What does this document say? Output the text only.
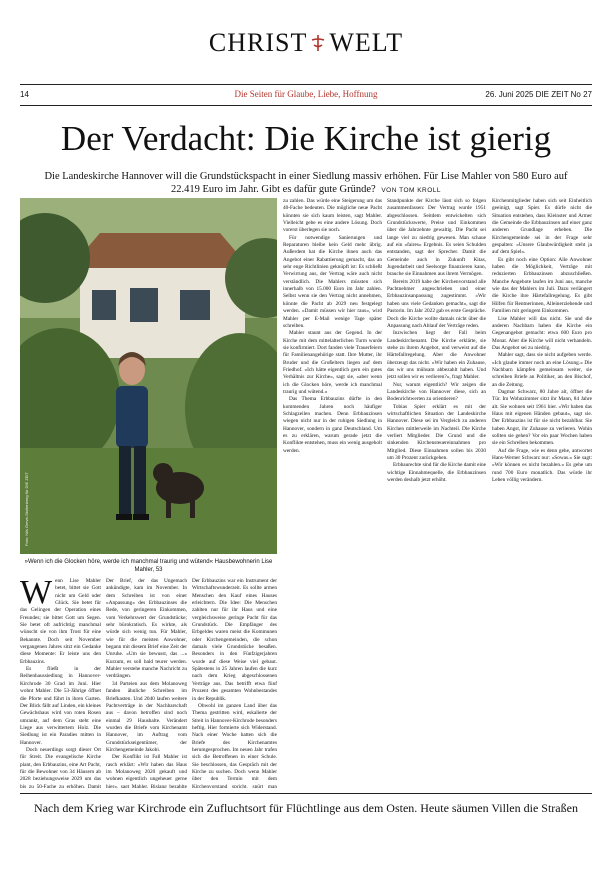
CHRIST WELT
14	Die Seiten für Glaube, Liebe, Hoffnung	26. Juni 2025 DIE ZEIT No 27
Der Verdacht: Die Kirche ist gierig
Die Landeskirche Hannover will die Grundstückspacht in einer Siedlung massiv erhöhen. Für Lise Mahler von 580 Euro auf 22.419 Euro im Jahr. Gibt es dafür gute Gründe? VON TOM KROLL
Foto: Nils Greve-Stoltenberg für DIE ZEIT
»Wenn ich die Glocken höre, werde ich manchmal traurig und wütend« Hausbewohnerin Lise Mahler, 53
W enn Lise Mahler betet, bittet sie Gott nicht um Geld oder Glück. Sie betet für das Gelingen der Operation eines Freundes; sie bittet Gott um Segen. Sie betet oft aufrichtig; manchmal wünscht sie von ihm Trost für eine Bekannte. Doch seit November vergangenen Jahres sitzt ein Gedanke diese Momente: Er leiste uns den Erbbauzins.

Es fließt in der Reihenhaussiedlung in Hannover-Kirchrode 30 Grad im Juni. Hier wohnt Mahler. Die 53-Jährige öffnet die Pforte und führt in ihren Garten. Der Blick fällt auf Linden, ein kleines Gewächshaus wird von roten Rosen umrankt, auf dem Gras steht eine Liege aus verwittertem Holz. Die Siedlung ist ein Paradies mitten in Hannover.

Doch neuerdings sorgt dieser Ort für Streit. Die evangelische Kirche plant, den Erbbauzins, eine Art Pacht, für die Bewohner von 34 Häusern ab 2028 beziehungsweise 2029 um das bis zu 50-Fache zu erhöhen. Damit

Der Brief, der das Ungemach ankündigte, kam im November. In dem Schreiben ist von einer »Anpassung« des Erbbauzinses die Rede, von geringeren Einkommen, vom Verkehrswert der Grundstücke; sehr bürokratisch. Es wirkte, als würde sich wenig tun. Für Mahler, wie für die meisten Anwohner, begann mit diesem Brief eine Zeit der Unruhe. »Um sie bewusst, das ...« Kurzum, es soll bald teurer werden. Mahler verstehe manche Nachricht zu verdrängen.

34 Parteien aus dem Molanoweg fanden ähnliche Schreiben im Briefkasten. Und 2040 laufen weitere Pachtverträge in der Nachbarschaft aus – davon betroffen sind noch einmal 29 Haushalte. Verändert wurden die Briefe vom Kirchenamt Hannover, im Auftrag vom Grundstückseigentümer, der Kirchengemeinde Jakobi.

Der Konflikt ist Fall Mahler ist rasch erklärt: »Wir haben das Haus im Molanoweg 2020 gekauft und wohnen eigentlich ungeheuer gerne hier«, sagt Mahler. Bislang bezahlte

zu zahlen. Das würde eine Steigerung um das 40-Fache bedeuten. Die mögliche neue Pacht könnten sie sich kaum leisten, sagt Mahler. Vielleicht gebe es eine andere Lösung. Doch vorerst überlegen sie noch.

Für notwendige Sanierungen und Reparaturen bleibe kein Geld mehr übrig. Außerdem hat die Kirche ihnen auch das Angebot einer Rabattierung gemacht, das an sehr enge Richtlinien geknüpft ist: Es schließt Verwirrung aus, der Vertrag wäre auch nicht verständlich. Die Mahlers müssten sich innerhalb von 15.000 Euro im Jahr zahlen. Selbst wenn sie den Vertrag nicht annehmen, könnte die Pacht ab 2029 neu festgelegt werden. »Damit müssen wir hier raus«, wird Mahler per E-Mail wenige Tage später schreiben.

Mahler staunt aus der Gegend. In der Kirche mit dem mittelalterlichen Turm wurde sie konfirmiert. Dort fanden viele Trauerfeiern für Familienangehörige statt. Ihre Mutter, ihr Bruder und die Großeltern liegen auf dem Friedhof. »Ich hätte eigentlich gern ein gutes Verhältnis zur Kirche«, sagt sie, »aber wenn ich die Glocken höre, werde ich manchmal traurig und wütend.«

Das Thema Erbbauzins dürfte in den kommenden Jahren noch häufiger Schlagzeilen machen. Denn Erbbauzinsen wiegen nicht nur in der ruhigen Siedlung in Hannover, sondern in ganz Deutschland. Um es zu erklären, warum gerade jetzt die Konflikte entstehen, muss ein wenig ausgeholt werden.

Der Erbbauzins war ein Instrument der Wirtschaftswunderzeit. Es sollte armen Menschen den Kauf eines Hauses erleichtern. Die Idee: Die Menschen zahlten nur für ihr Haus und eine vergleichsweise geringe Pacht für das Grundstück. Die Empfänger des Erbgeldes waren meist die Kommunen oder Kirchengemeinden, die schon damals viele Grundstücke besaßen. Besonders in den Fünfzigerjahren wurde auf diese Weise viel gebaut. Spätestens in 25 Jahren laufen die kurz nach dem Krieg abgeschlossenen Verträge aus. Das betrifft etwa fünf Prozent des gesamten Wohnbestandes in der Republik.

Obwohl im ganzen Land über das Thema gestritten wird, eskalierte der Streit in Hannover-Kirchrode besonders heftig. Hier formierte sich Widerstand. Nach einer Woche hatten sich die Briefe des Kirchenamtes herumgesprochen. Im neuen Jahr trafen sich die Betroffenen in einer Schule. Sie beschlossen, das Gespräch mit der Kirche zu suchen. Doch wenn Mahler über den Termin mit dem Kirchenvorstand spricht, spürt man

Standpunkte der Kirche lässt sich so folgen zusammenfassen: Der Vertrag wurde 1951 abgeschlossen. Seitdem entwickelten sich Grundstückswerte, Preise und Einkommen über die Jahrzehnte gewaltig. Die Pacht sei lange viel zu niedrig gewesen. Man schaue auf ein »faires« Ergebnis. Es seien Schulden entstanden, sagt der Sprecher. Damit die Gemeinde auch in Zukunft Kitas, Jugendarbeit und Seelsorge finanzieren kann, brauche sie Einnahmen aus ihrem Vermögen.

Bereits 2019 habe der Kirchenvorstand alle Pachtnehmer angeschrieben und einer Erbbauzinsanpassung zugestimmt. »Wir haben uns viele Gedanken gemacht«, sagt die Pastorin. Im Jahr 2022 gab es erste Gespräche. Doch die Kirche wollte damals nicht über die Anpassung nach Ablauf der Verträge reden.

Inzwischen liegt der Fall beim Landeskirchenamt. Die Kirche erklärte, sie stehe zu ihrem Angebot, und verweist auf die Härtefallregelung. Aber die Anwohner überzeugt das nicht. »Wir haben ein Zuhause, das wir uns mühsam abbezahlt haben. Und jetzt sollen wir es verlieren?«, fragt Mahler.

Nur, warum eigentlich? Wir zeigen die Landeskirche von Hannover diese, sich an Bodenrichtwerten zu orientieren?

Tobias Spier erklärt es mit der wirtschaftlichen Situation der Landeskirche Hannover. Diese sei im Vergleich zu anderen Kirchen mittlerweile im Nachteil. Die Kirche verliert Mitglieder. Die Grund und die sinkenden Kirchensteuereinnahmen pro Mitglied. Diese Einnahmen sollen bis 2030 um 30 Prozent zurückgehen.

Erbbaurechte sind für die Kirche damit eine wichtige Einnahmequelle, die Erbbauzinsen werden deshalb jetzt erhöht.

Kirchenmitglieder haben sich seit Einheitlich geeinigt, sagt Spier. Es dürfe nicht die Situation entstehen, dass Kleinster und Armer die Gemeinde die Erbbauzinsen auf einer ganz anderen Grundlage erheben. Die Kirchengemeinde sei in der Frage sehr gespalten: »Unsere Glaubwürdigkeit steht ja auf dem Spiel«.

Es gibt noch eine Option: Alle Anwohner haben die Möglichkeit, Verträge mit reduzierten Erbbauzinsen abzuschließen. Manche Angebote laufen im Juni aus, manche wie das der Mahlers im Juli. Dazu verlängert die Kirche ihre Härtefallregelung. Es gibt Hilfen für Rentnerinnen, Alleinerziehende und Familien mit geringem Einkommen.

Lise Mahler will das nicht. Sie und die anderen Nachbarn haben die Kirche ein Gegenangebot gemacht: etwa 600 Euro pro Monat. Aber die Kirche will nicht verhandeln. Das Angebot sei zu niedrig.

Mahler sagt, dass sie nicht aufgeben werde. »Ich glaube immer noch an eine Lösung.« Die Nachbarn kämpfen gemeinsam weiter, sie schreiben Briefe an Politiker, an den Bischof, an die Zeitung.

Dagmar Schwarz, 80 Jahre alt, öffnet die Tür. Im Wohnzimmer sitzt ihr Mann, 84 Jahre alt. Sie wohnen seit 1961 hier. »Wir haben das Haus mit eigenen Händen gebaut«, sagt sie. Der Erbbauzins ist für sie nicht bezahlbar. Sie haben Angst, ihr Zuhause zu verlieren. Wohin sollten sie gehen? Vor ein paar Wochen haben sie ein Schreiben bekommen.

Auf die Frage, wie es denn gehe, antwortet Hans-Werner Schwarz nur: »Sowas.« Sie sagt: »Wir können es nicht bezahlen.« Es gehe um rund 700 Euro monatlich. Das würde ihr Leben völlig verändern.

Nach dem Krieg war Kirchrode ein Zufluchtsort für Flüchtlinge aus dem Osten. Heute säumen Villen die Straßen
